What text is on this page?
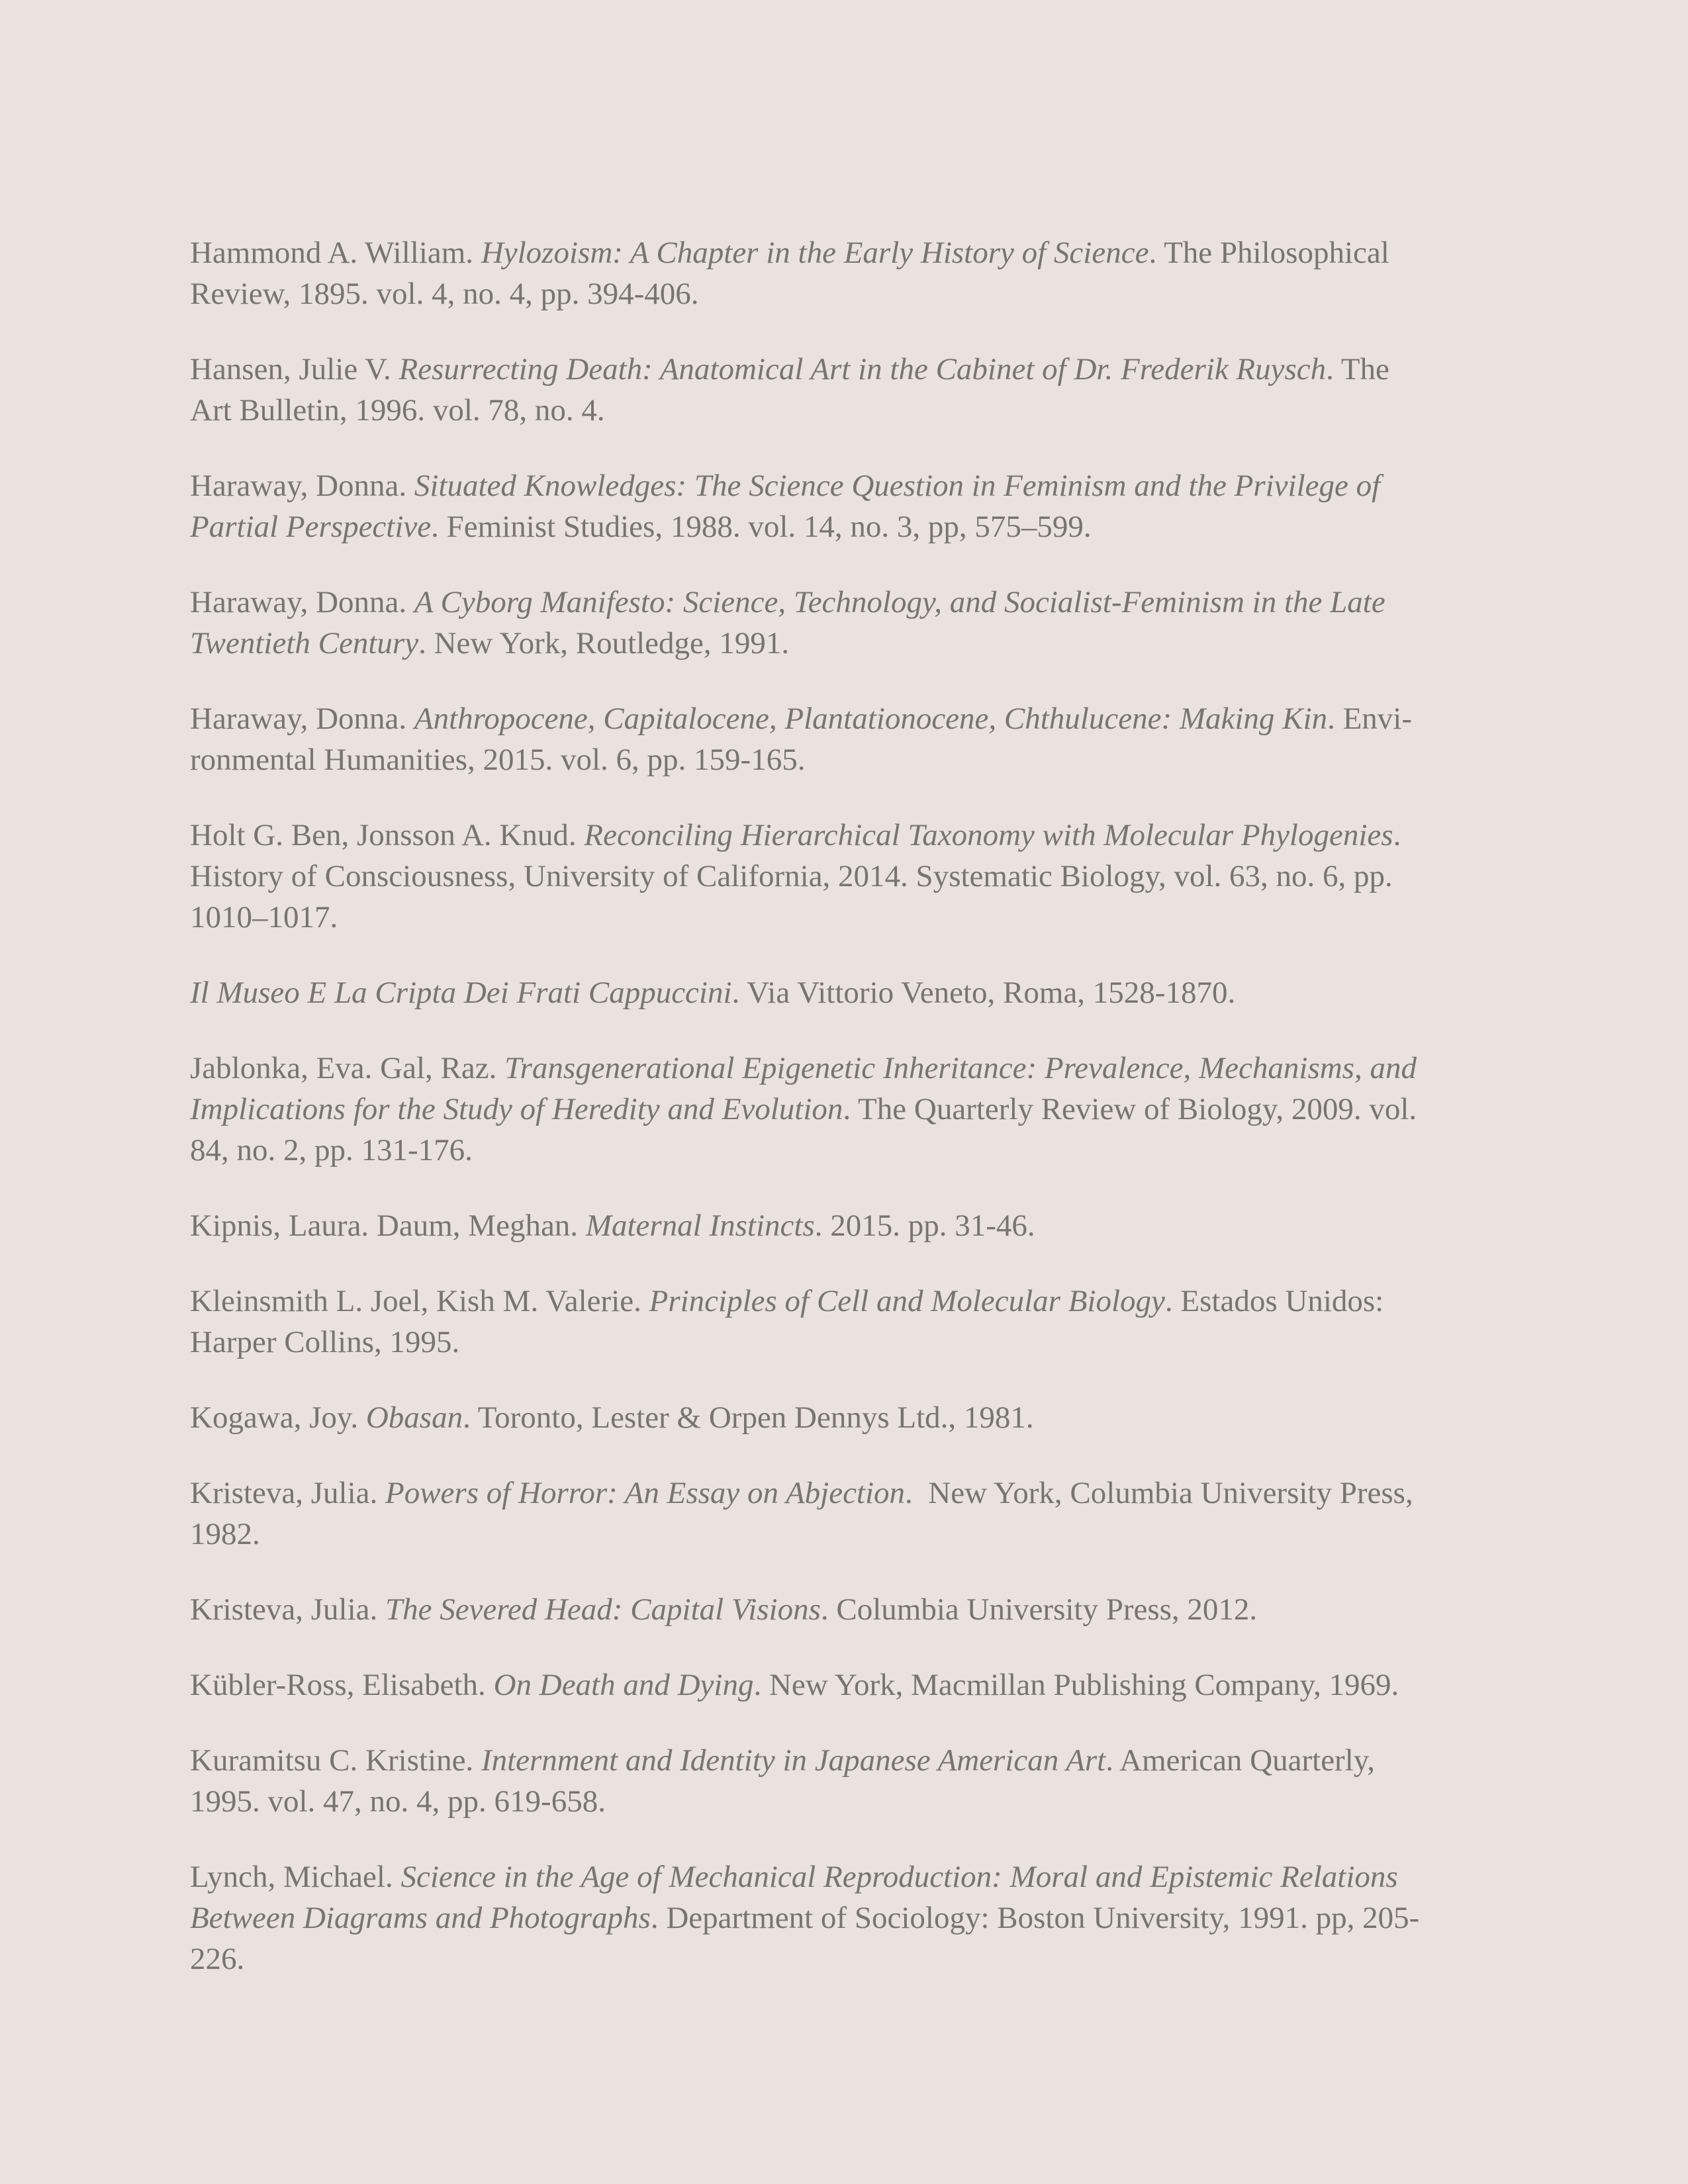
Hammond A. William. Hylozoism: A Chapter in the Early History of Science. The Philosophical
Review, 1895. vol. 4, no. 4, pp. 394-406.

Hansen, Julie V. Resurrecting Death: Anatomical Art in the Cabinet of Dr. Frederik Ruysch. The
Art Bulletin, 1996. vol. 78, no. 4.

Haraway, Donna. Situated Knowledges: The Science Question in Feminism and the Privilege of
Partial Perspective. Feminist Studies, 1988. vol. 14, no. 3, pp, 575–599.

Haraway, Donna. A Cyborg Manifesto: Science, Technology, and Socialist-Feminism in the Late
Twentieth Century. New York, Routledge, 1991.

Haraway, Donna. Anthropocene, Capitalocene, Plantationocene, Chthulucene: Making Kin. Envi-
ronmental Humanities, 2015. vol. 6, pp. 159-165.

Holt G. Ben, Jonsson A. Knud. Reconciling Hierarchical Taxonomy with Molecular Phylogenies.
History of Consciousness, University of California, 2014. Systematic Biology, vol. 63, no. 6, pp.
1010–1017.

Il Museo E La Cripta Dei Frati Cappuccini. Via Vittorio Veneto, Roma, 1528-1870.

Jablonka, Eva. Gal, Raz. Transgenerational Epigenetic Inheritance: Prevalence, Mechanisms, and
Implications for the Study of Heredity and Evolution. The Quarterly Review of Biology, 2009. vol.
84, no. 2, pp. 131-176.

Kipnis, Laura. Daum, Meghan. Maternal Instincts. 2015. pp. 31-46.

Kleinsmith L. Joel, Kish M. Valerie. Principles of Cell and Molecular Biology. Estados Unidos:
Harper Collins, 1995.

Kogawa, Joy. Obasan. Toronto, Lester & Orpen Dennys Ltd., 1981.

Kristeva, Julia. Powers of Horror: An Essay on Abjection.  New York, Columbia University Press,
1982.

Kristeva, Julia. The Severed Head: Capital Visions. Columbia University Press, 2012.

Kübler-Ross, Elisabeth. On Death and Dying. New York, Macmillan Publishing Company, 1969.

Kuramitsu C. Kristine. Internment and Identity in Japanese American Art. American Quarterly,
1995. vol. 47, no. 4, pp. 619-658.

Lynch, Michael. Science in the Age of Mechanical Reproduction: Moral and Epistemic Relations
Between Diagrams and Photographs. Department of Sociology: Boston University, 1991. pp, 205-
226.
